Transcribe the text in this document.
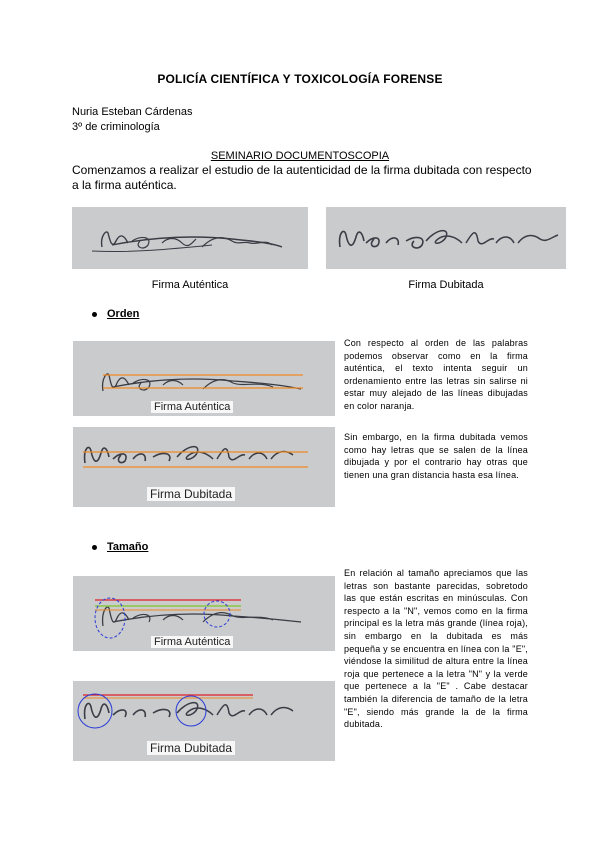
POLICÍA CIENTÍFICA Y TOXICOLOGÍA FORENSE
Nuria Esteban Cárdenas
3º de criminología
SEMINARIO DOCUMENTOSCOPIA
Comenzamos a realizar el estudio de la autenticidad de la firma dubitada con respecto a la firma auténtica.
Firma Auténtica	Firma Dubitada
Orden
Firma Auténtica
Con respecto al orden de las palabras podemos observar como en la firma auténtica, el texto intenta seguir un ordenamiento entre las letras sin salirse ni estar muy alejado de las líneas dibujadas en color naranja.
Firma Dubitada
Sin embargo, en la firma dubitada vemos como hay letras que se salen de la línea dibujada y por el contrario hay otras que tienen una gran distancia hasta esa línea.
Tamaño
Firma Auténtica
Firma Dubitada
En relación al tamaño apreciamos que las letras son bastante parecidas, sobretodo las que están escritas en minúsculas. Con respecto a la "N", vemos como en la firma principal es la letra más grande (línea roja), sin embargo en la dubitada es más pequeña y se encuentra en línea con la "E", viéndose la similitud de altura entre la línea roja que pertenece a la letra "N" y la verde que pertenece a la "E" . Cabe destacar también la diferencia de tamaño de la letra "E", siendo más grande la de la firma dubitada.
